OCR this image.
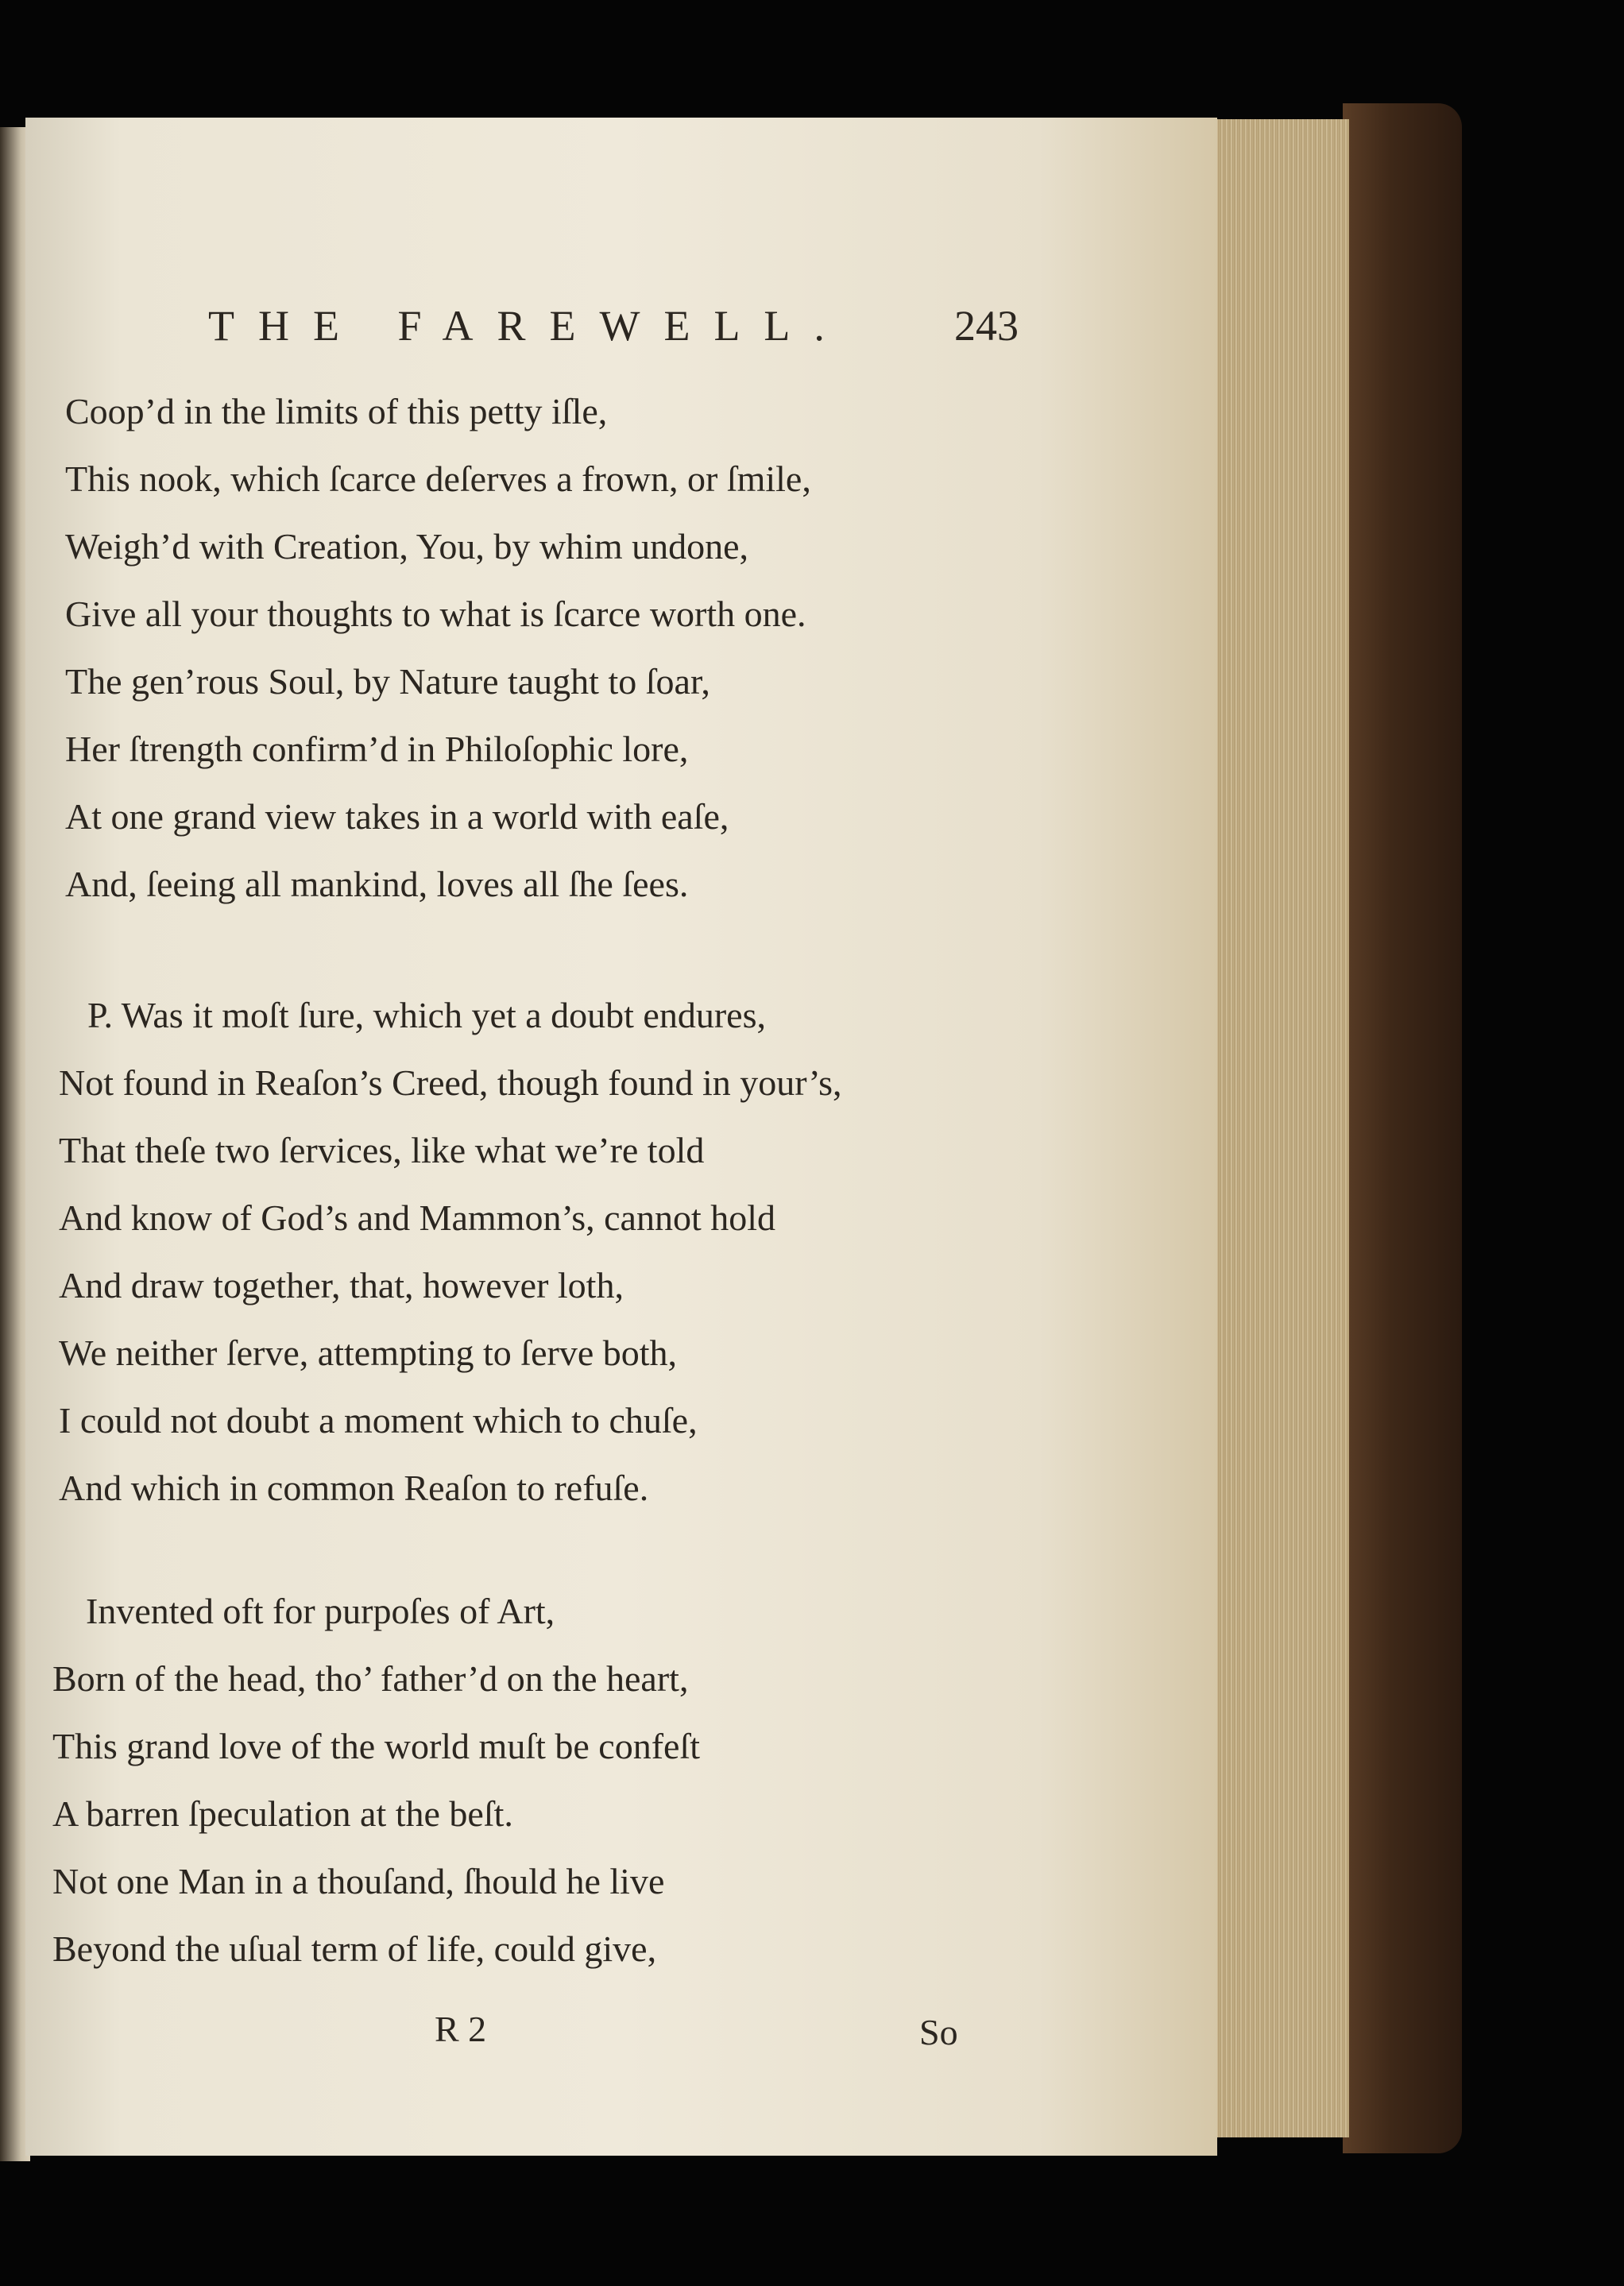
THE FAREWELL. 243
Coop’d in the limits of this petty iſle,
This nook, which ſcarce deſerves a frown, or ſmile,
Weigh’d with Creation, You, by whim undone,
Give all your thoughts to what is ſcarce worth one.
The gen’rous Soul, by Nature taught to ſoar,
Her ſtrength confirm’d in Philoſophic lore,
At one grand view takes in a world with eaſe,
And, ſeeing all mankind, loves all ſhe ſees.
P. Was it moſt ſure, which yet a doubt endures,
Not found in Reaſon’s Creed, though found in your’s,
That theſe two ſervices, like what we’re told
And know of God’s and Mammon’s, cannot hold
And draw together, that, however loth,
We neither ſerve, attempting to ſerve both,
I could not doubt a moment which to chuſe,
And which in common Reaſon to refuſe.
Invented oft for purpoſes of Art,
Born of the head, tho’ father’d on the heart,
This grand love of the world muſt be confeſt
A barren ſpeculation at the beſt.
Not one Man in a thouſand, ſhould he live
Beyond the uſual term of life, could give,
R 2	So
